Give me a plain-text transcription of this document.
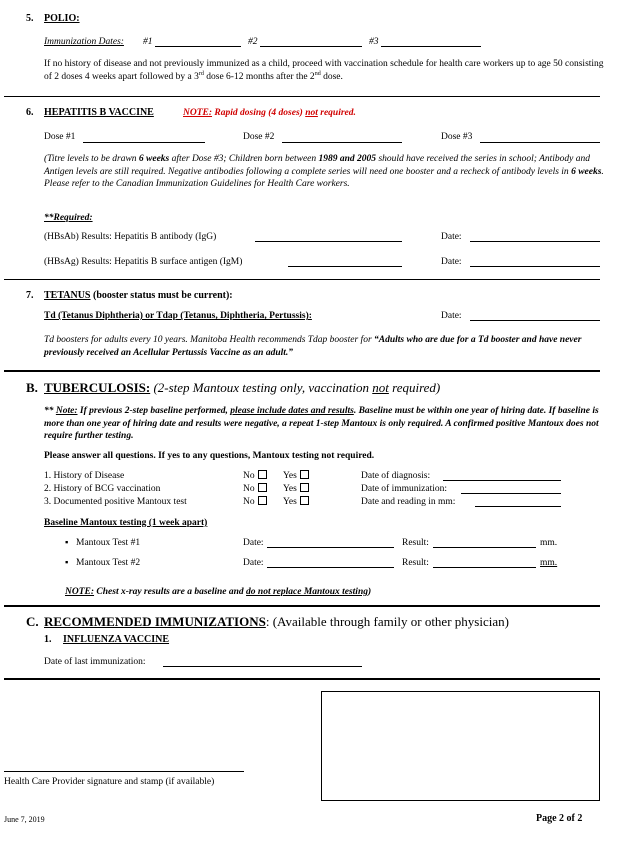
5. POLIO:
Immunization Dates: #1	#2	#3
If no history of disease and not previously immunized as a child, proceed with vaccination schedule for health care workers up to age 50 consisting of 2 doses 4 weeks apart followed by a 3rd dose 6-12 months after the 2nd dose.
6. HEPATITIS B VACCINE	NOTE: Rapid dosing (4 doses) not required.
Dose #1	Dose #2	Dose #3
(Titre levels to be drawn 6 weeks after Dose #3; Children born between 1989 and 2005 should have received the series in school; Antibody and Antigen levels are still required. Negative antibodies following a complete series will need one booster and a recheck of antibody levels in 6 weeks. Please refer to the Canadian Immunization Guidelines for Health Care workers.
**Required:
(HBsAb) Results: Hepatitis B antibody (IgG)	Date:
(HBsAg) Results: Hepatitis B surface antigen (IgM)	Date:
7. TETANUS (booster status must be current):
Td (Tetanus Diphtheria) or Tdap (Tetanus, Diphtheria, Pertussis):	Date:
Td boosters for adults every 10 years. Manitoba Health recommends Tdap booster for “Adults who are due for a Td booster and have never previously received an Acellular Pertussis Vaccine as an adult.”
B. TUBERCULOSIS: (2-step Mantoux testing only, vaccination not required)
** Note: If previous 2-step baseline performed, please include dates and results. Baseline must be within one year of hiring date. If baseline is more than one year of hiring date and results were negative, a repeat 1-step Mantoux is only required. A confirmed positive Mantoux does not require further testing.
Please answer all questions. If yes to any questions, Mantoux testing not required.
1. History of Disease	No	Yes	Date of diagnosis:
2. History of BCG vaccination	No	Yes	Date of immunization:
3. Documented positive Mantoux test	No	Yes	Date and reading in mm:
Baseline Mantoux testing (1 week apart)
▪ Mantoux Test #1	Date:	Result:	mm.
▪ Mantoux Test #2	Date:	Result:	mm.
NOTE: Chest x-ray results are a baseline and do not replace Mantoux testing)
C. RECOMMENDED IMMUNIZATIONS: (Available through family or other physician)
1. INFLUENZA VACCINE
Date of last immunization:
Health Care Provider signature and stamp (if available)
June 7, 2019	Page 2 of 2
